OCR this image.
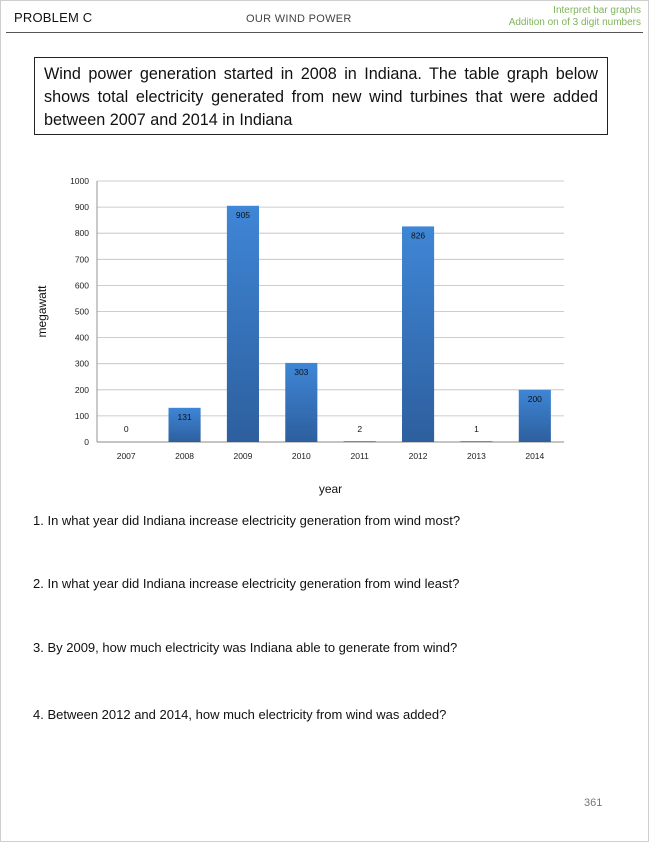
PROBLEM C	OUR WIND POWER
Interpret bar graphs
Addition on of 3 digit numbers
Wind power generation started in 2008 in Indiana. The table graph below shows total electricity generated from new wind turbines that were added between 2007 and 2014 in Indiana
0
100
200
300
400
500
600
700
800
900
1000
0
2007
131
2008
905
2009
303
2010
2
2011
826
2012
1
2013
200
2014
year
megawatt
1. In what year did Indiana increase electricity generation from wind most?
2. In what year did Indiana increase electricity generation from wind least?
3. By 2009, how much electricity was Indiana able to generate from wind?
4. Between 2012 and 2014, how much electricity from wind was added?
361
